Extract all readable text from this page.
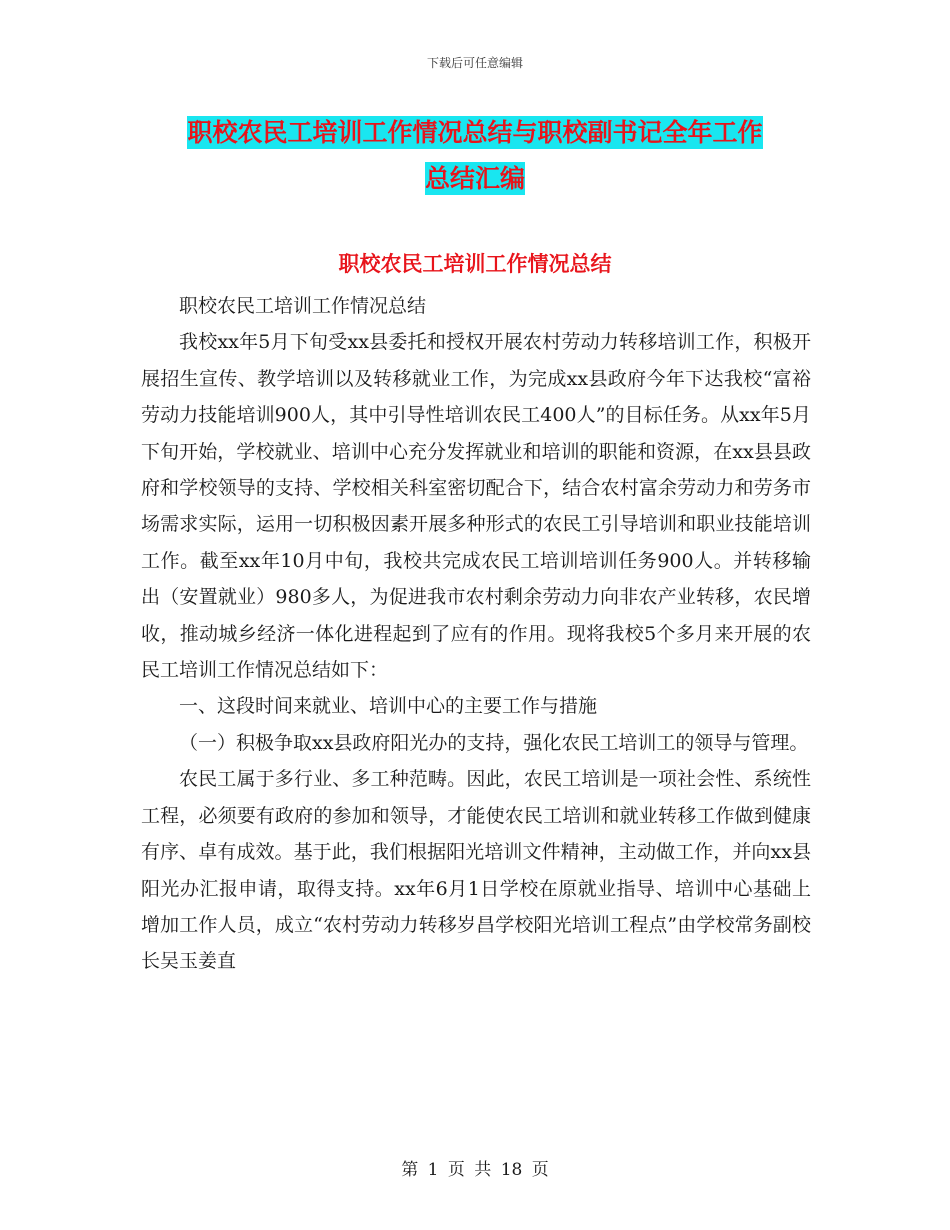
下载后可任意编辑
职校农民工培训工作情况总结与职校副书记全年工作
总结汇编
职校农民工培训工作情况总结

职校农民工培训工作情况总结

我校xx年5月下旬受xx县委托和授权开展农村劳动力转移培训工作，积极开展招生宣传、教学培训以及转移就业工作，为完成xx县政府今年下达我校“富裕劳动力技能培训900人，其中引导性培训农民工400人”的目标任务。从xx年5月下旬开始，学校就业、培训中心充分发挥就业和培训的职能和资源，在xx县县政府和学校领导的支持、学校相关科室密切配合下，结合农村富余劳动力和劳务市场需求实际，运用一切积极因素开展多种形式的农民工引导培训和职业技能培训工作。截至xx年10月中旬，我校共完成农民工培训培训任务900人。并转移输出（安置就业）980多人，为促进我市农村剩余劳动力向非农产业转移，农民增收，推动城乡经济一体化进程起到了应有的作用。现将我校5个多月来开展的农民工培训工作情况总结如下：

一、这段时间来就业、培训中心的主要工作与措施

（一）积极争取xx县政府阳光办的支持，强化农民工培训工的领导与管理。

农民工属于多行业、多工种范畴。因此，农民工培训是一项社会性、系统性工程，必须要有政府的参加和领导，才能使农民工培训和就业转移工作做到健康有序、卓有成效。基于此，我们根据阳光培训文件精神，主动做工作，并向xx县阳光办汇报申请，取得支持。xx年6月1日学校在原就业指导、培训中心基础上增加工作人员，成立“农村劳动力转移岁昌学校阳光培训工程点”由学校常务副校长吴玉姜直

第 1 页 共 18 页
